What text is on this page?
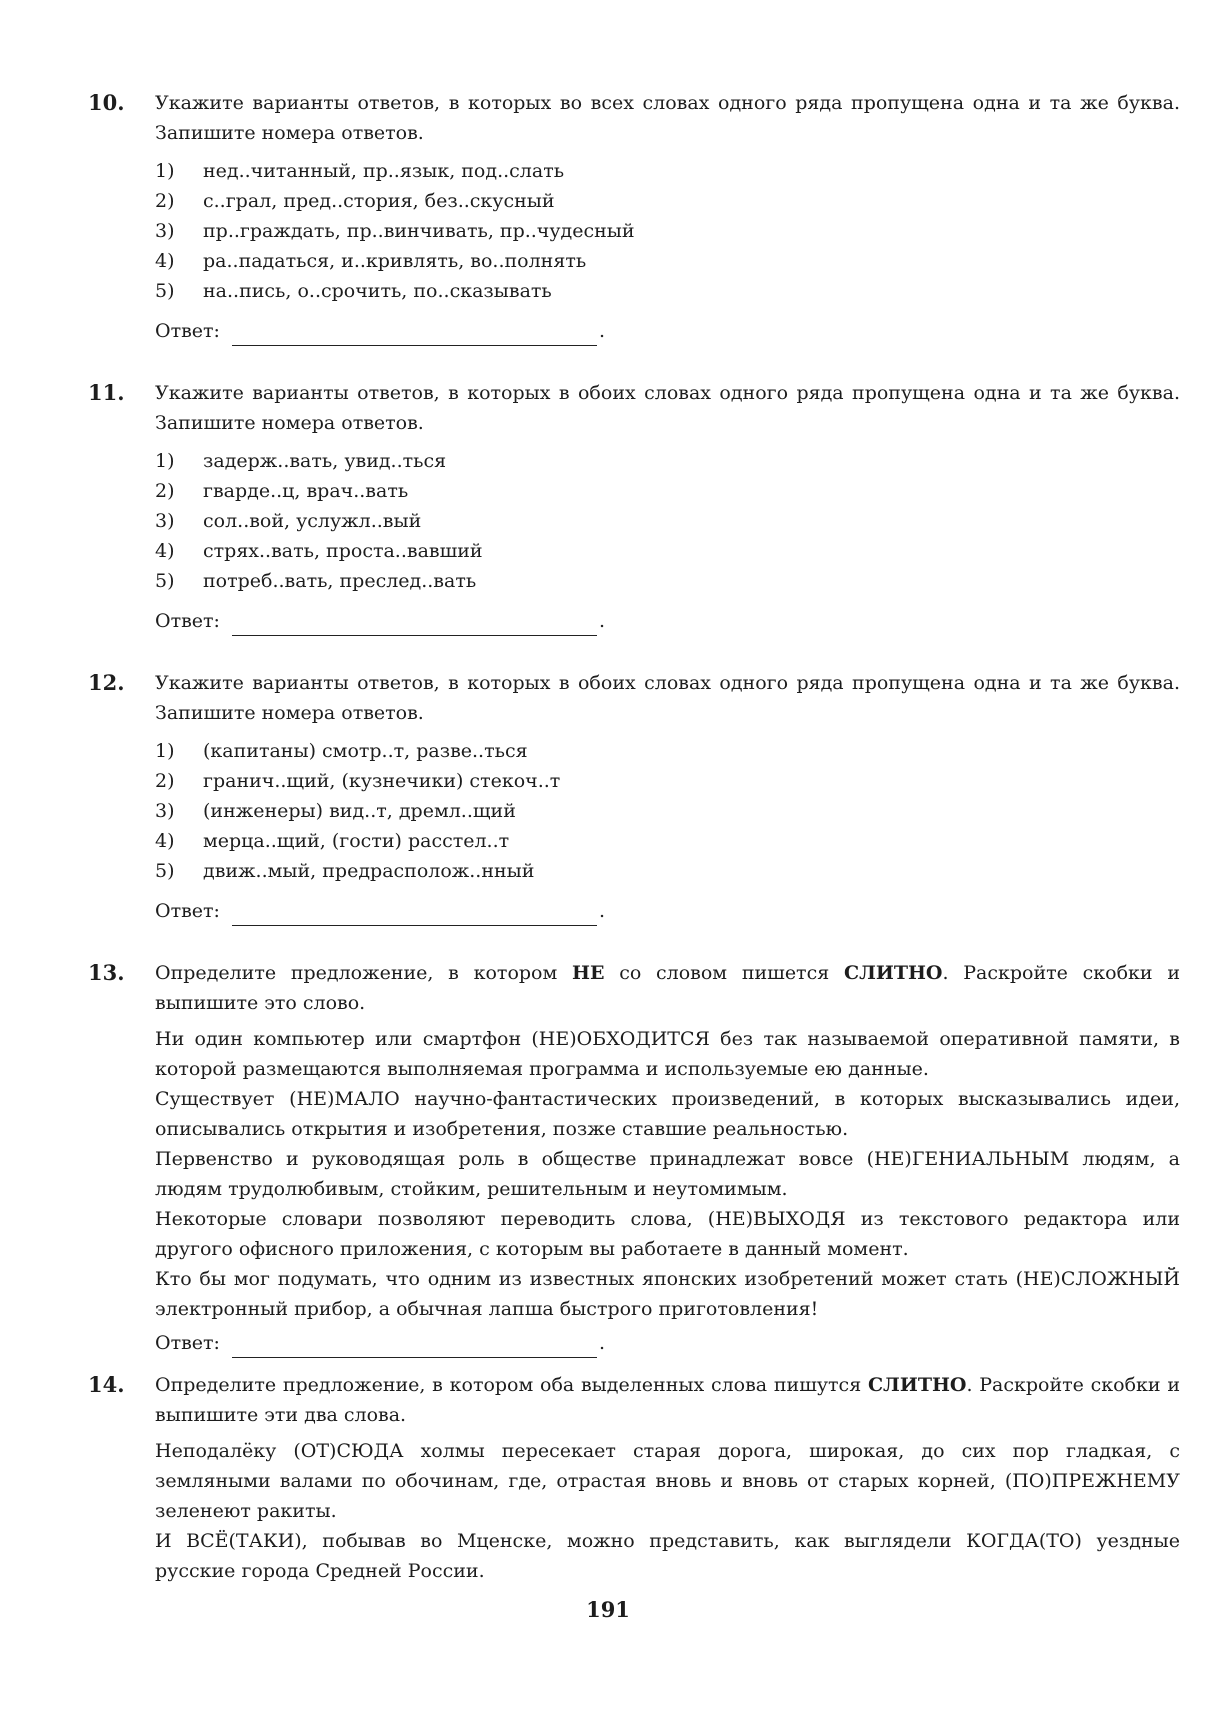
10. Укажите варианты ответов, в которых во всех словах одного ряда пропущена одна и та же буква. Запишите номера ответов.

1)	нед..читанный, пр..язык, под..слать
2)	с..грал, пред..стория, без..скусный
3)	пр..граждать, пр..винчивать, пр..чудесный
4)	ра..падаться, и..кривлять, во..полнять
5)	на..пись, о..срочить, по..сказывать
Ответ:	.
11. Укажите варианты ответов, в которых в обоих словах одного ряда пропущена одна и та же буква. Запишите номера ответов.

1)	задерж..вать, увид..ться
2)	гварде..ц, врач..вать
3)	сол..вой, услужл..вый
4)	стрях..вать, проста..вавший
5)	потреб..вать, преслед..вать
Ответ:	.
12. Укажите варианты ответов, в которых в обоих словах одного ряда пропущена одна и та же буква. Запишите номера ответов.

1)	(капитаны) смотр..т, разве..ться
2)	гранич..щий, (кузнечики) стекоч..т
3)	(инженеры) вид..т, дремл..щий
4)	мерца..щий, (гости) расстел..т
5)	движ..мый, предрасполож..нный
Ответ:	.
13. Определите предложение, в котором НЕ со словом пишется СЛИТНО. Раскройте скобки и выпишите это слово.

Ни один компьютер или смартфон (НЕ)ОБХОДИТСЯ без так называемой оперативной памяти, в которой размещаются выполняемая программа и используемые ею данные.

Существует (НЕ)МАЛО научно-фантастических произведений, в которых высказывались идеи, описывались открытия и изобретения, позже ставшие реальностью.

Первенство и руководящая роль в обществе принадлежат вовсе (НЕ)ГЕНИАЛЬНЫМ людям, а людям трудолюбивым, стойким, решительным и неутомимым.

Некоторые словари позволяют переводить слова, (НЕ)ВЫХОДЯ из текстового редактора или другого офисного приложения, с которым вы работаете в данный момент.

Кто бы мог подумать, что одним из известных японских изобретений может стать (НЕ)СЛОЖНЫЙ электронный прибор, а обычная лапша быстрого приготовления!

Ответ:	.
14. Определите предложение, в котором оба выделенных слова пишутся СЛИТНО. Раскройте скобки и выпишите эти два слова.

Неподалёку (ОТ)СЮДА холмы пересекает старая дорога, широкая, до сих пор гладкая, с земляными валами по обочинам, где, отрастая вновь и вновь от старых корней, (ПО)ПРЕЖНЕМУ зеленеют ракиты.

И ВСЁ(ТАКИ), побывав во Мценске, можно представить, как выглядели КОГДА(ТО) уездные русские города Средней России.

191
